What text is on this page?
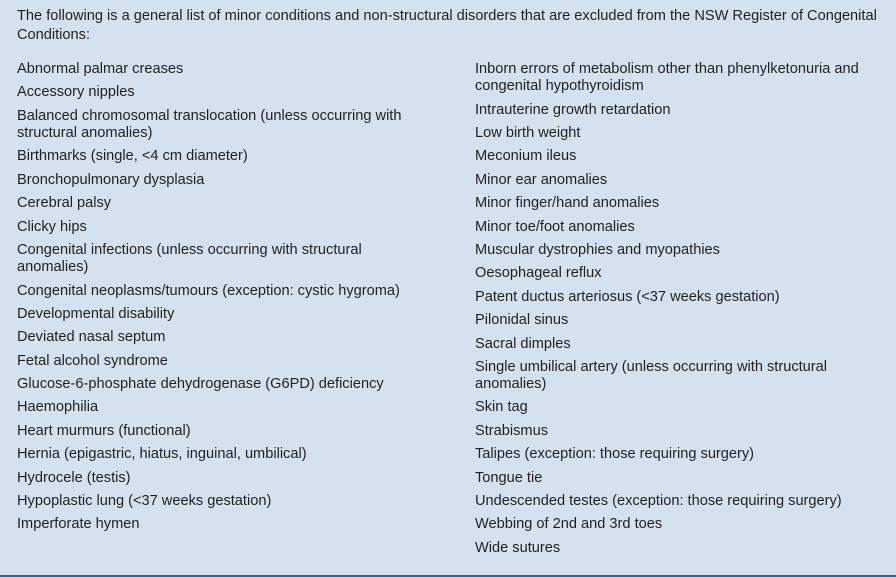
The following is a general list of minor conditions and non-structural disorders that are excluded from the NSW Register of Congenital Conditions:

Abnormal palmar creases
Accessory nipples
Balanced chromosomal translocation (unless occurring with structural anomalies)
Birthmarks (single, <4 cm diameter)
Bronchopulmonary dysplasia
Cerebral palsy
Clicky hips
Congenital infections (unless occurring with structural anomalies)
Congenital neoplasms/tumours (exception: cystic hygroma)
Developmental disability
Deviated nasal septum
Fetal alcohol syndrome
Glucose-6-phosphate dehydrogenase (G6PD) deficiency
Haemophilia
Heart murmurs (functional)
Hernia (epigastric, hiatus, inguinal, umbilical)
Hydrocele (testis)
Hypoplastic lung (<37 weeks gestation)
Imperforate hymen
Inborn errors of metabolism other than phenylketonuria and congenital hypothyroidism
Intrauterine growth retardation
Low birth weight
Meconium ileus
Minor ear anomalies
Minor finger/hand anomalies
Minor toe/foot anomalies
Muscular dystrophies and myopathies
Oesophageal reflux
Patent ductus arteriosus (<37 weeks gestation)
Pilonidal sinus
Sacral dimples
Single umbilical artery (unless occurring with structural anomalies)
Skin tag
Strabismus
Talipes (exception: those requiring surgery)
Tongue tie
Undescended testes (exception: those requiring surgery)
Webbing of 2nd and 3rd toes
Wide sutures
